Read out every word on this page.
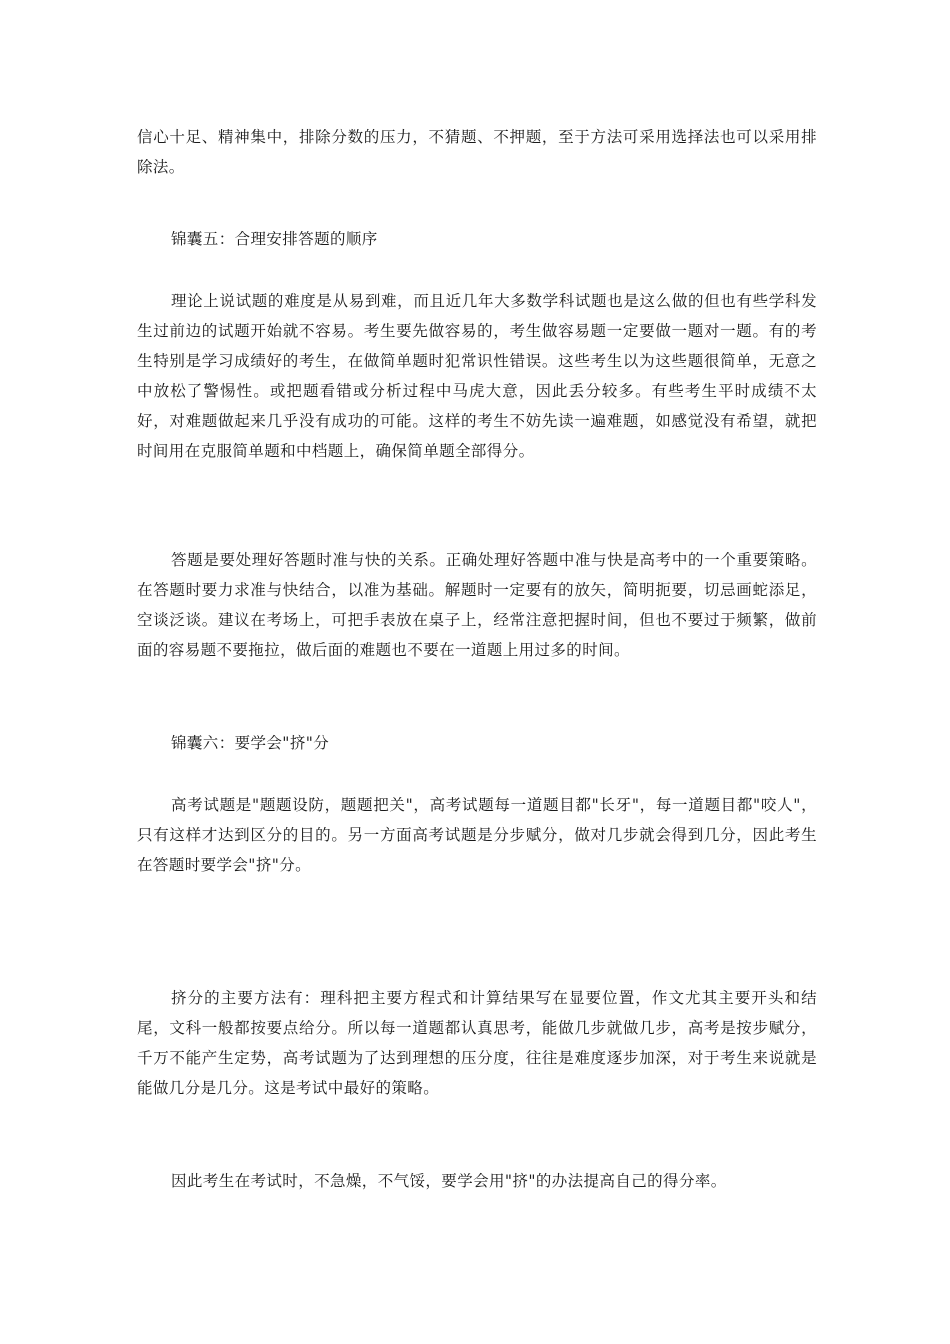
信心十足、精神集中，排除分数的压力，不猜题、不押题，至于方法可采用选择法也可以采用排除法。

锦囊五：合理安排答题的顺序

理论上说试题的难度是从易到难，而且近几年大多数学科试题也是这么做的但也有些学科发生过前边的试题开始就不容易。考生要先做容易的，考生做容易题一定要做一题对一题。有的考生特别是学习成绩好的考生，在做简单题时犯常识性错误。这些考生以为这些题很简单，无意之中放松了警惕性。或把题看错或分析过程中马虎大意，因此丢分较多。有些考生平时成绩不太好，对难题做起来几乎没有成功的可能。这样的考生不妨先读一遍难题，如感觉没有希望，就把时间用在克服简单题和中档题上，确保简单题全部得分。

答题是要处理好答题时准与快的关系。正确处理好答题中准与快是高考中的一个重要策略。在答题时要力求准与快结合，以准为基础。解题时一定要有的放矢，简明扼要，切忌画蛇添足，空谈泛谈。建议在考场上，可把手表放在桌子上，经常注意把握时间，但也不要过于频繁，做前面的容易题不要拖拉，做后面的难题也不要在一道题上用过多的时间。

锦囊六：要学会"挤"分

高考试题是"题题设防，题题把关"，高考试题每一道题目都"长牙"，每一道题目都"咬人"，只有这样才达到区分的目的。另一方面高考试题是分步赋分，做对几步就会得到几分，因此考生在答题时要学会"挤"分。

挤分的主要方法有：理科把主要方程式和计算结果写在显要位置，作文尤其主要开头和结尾，文科一般都按要点给分。所以每一道题都认真思考，能做几步就做几步，高考是按步赋分，千万不能产生定势，高考试题为了达到理想的压分度，往往是难度逐步加深，对于考生来说就是能做几分是几分。这是考试中最好的策略。

因此考生在考试时，不急燥，不气馁，要学会用"挤"的办法提高自己的得分率。
